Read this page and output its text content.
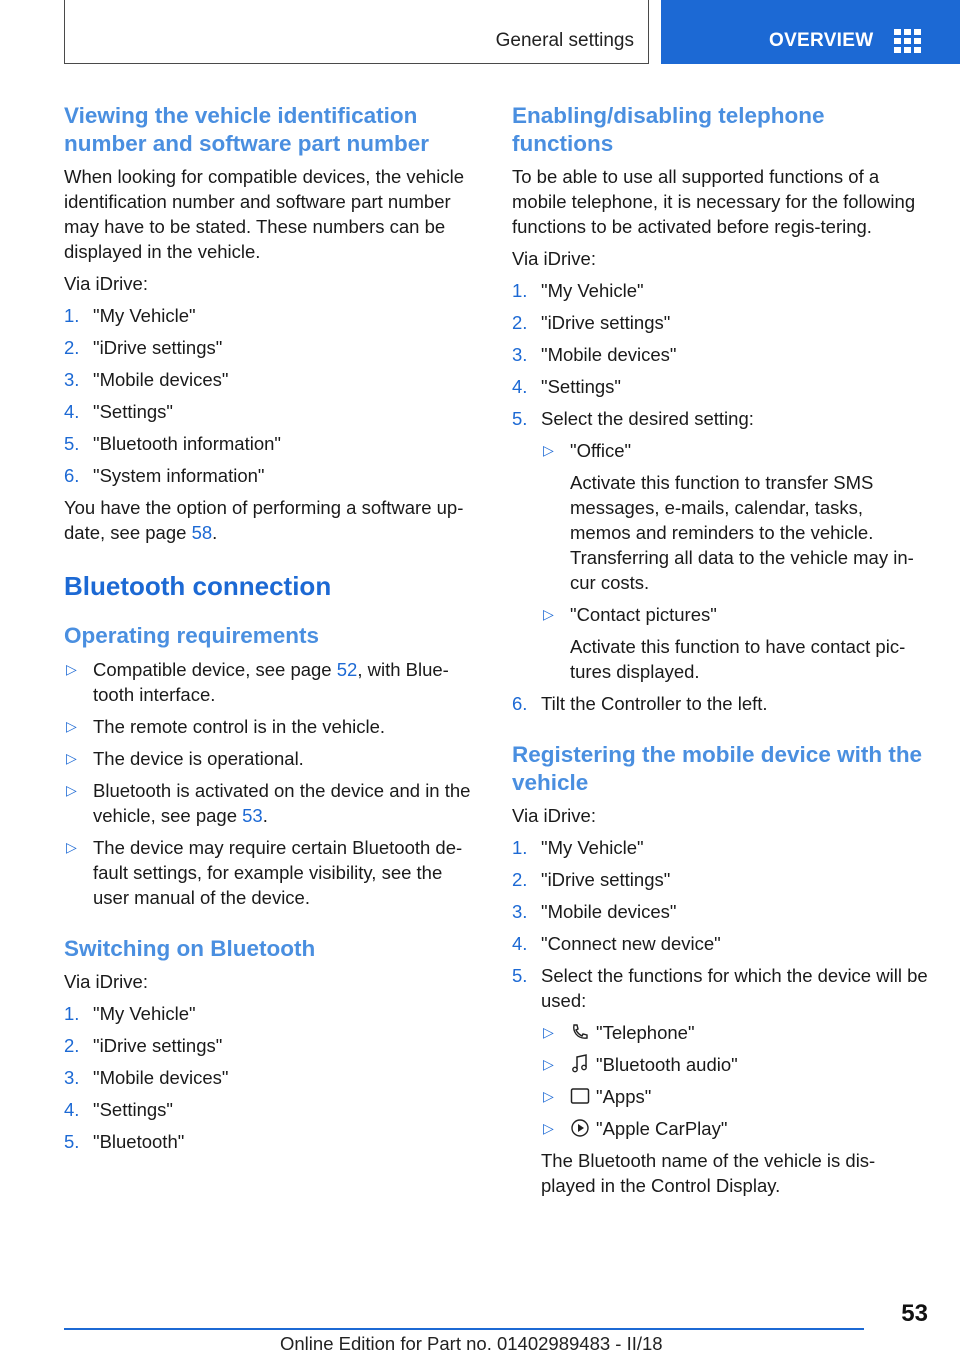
General settings	OVERVIEW
Viewing the vehicle identification number and software part number

When looking for compatible devices, the vehicle identification number and software part number may have to be stated. These numbers can be displayed in the vehicle.

Via iDrive:

1. "My Vehicle"
2. "iDrive settings"
3. "Mobile devices"
4. "Settings"
5. "Bluetooth information"
6. "System information"

You have the option of performing a software up-date, see page 58.

Bluetooth connection
Operating requirements
▷ Compatible device, see page 52, with Blue-tooth interface.
▷ The remote control is in the vehicle.
▷ The device is operational.
▷ Bluetooth is activated on the device and in the vehicle, see page 53.
▷ The device may require certain Bluetooth de-fault settings, for example visibility, see the user manual of the device.
Switching on Bluetooth

Via iDrive:

1. "My Vehicle"
2. "iDrive settings"
3. "Mobile devices"
4. "Settings"
5. "Bluetooth"
Enabling/disabling telephone functions

To be able to use all supported functions of a mobile telephone, it is necessary for the following functions to be activated before regis-tering.

Via iDrive:

1. "My Vehicle"
2. "iDrive settings"
3. "Mobile devices"
4. "Settings"
5. Select the desired setting:
▷ "Office"
Activate this function to transfer SMS messages, e-mails, calendar, tasks, memos and reminders to the vehicle. Transferring all data to the vehicle may in-cur costs.
▷ "Contact pictures"
Activate this function to have contact pic-tures displayed.
6. Tilt the Controller to the left.
Registering the mobile device with the vehicle

Via iDrive:

1. "My Vehicle"
2. "iDrive settings"
3. "Mobile devices"
4. "Connect new device"
5. Select the functions for which the device will be used:
▷ "Telephone"
▷ "Bluetooth audio"
▷ "Apps"
▷ "Apple CarPlay"
The Bluetooth name of the vehicle is dis-played in the Control Display.
53
Online Edition for Part no. 01402989483 - II/18
